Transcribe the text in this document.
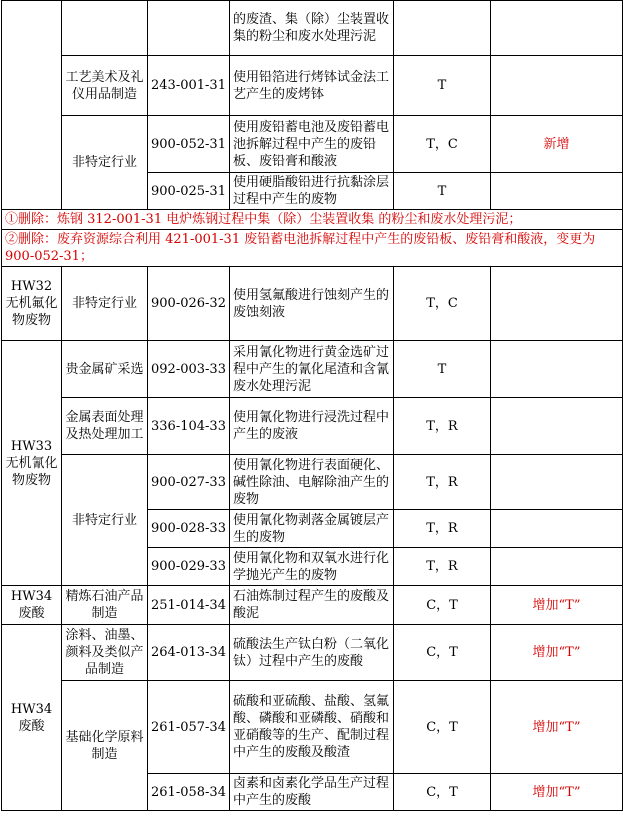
			的废渣、集（除）尘装置收集的粉尘和废水处理污泥		
	工艺美术及礼仪用品制造	243-001-31	使用铅箔进行烤钵试金法工艺产生的废烤钵	T	
	非特定行业	900-052-31	使用废铅蓄电池及废铅蓄电池拆解过程中产生的废铅板、废铅膏和酸液	T，C	新增
		900-025-31	使用硬脂酸铅进行抗黏涂层过程中产生的废物	T	
①删除：炼钢 312-001-31 电炉炼钢过程中集（除）尘装置收集 的粉尘和废水处理污泥；					
②删除：废弃资源综合利用 421-001-31 废铅蓄电池拆解过程中产生的废铅板、废铅膏和酸液，变更为 900-052-31；					
HW32无机氟化物废物	非特定行业	900-026-32	使用氢氟酸进行蚀刻产生的废蚀刻液	T，C	
HW33无机氰化物废物	贵金属矿采选	092-003-33	采用氰化物进行黄金选矿过程中产生的氰化尾渣和含氰废水处理污泥	T	
	金属表面处理及热处理加工	336-104-33	使用氰化物进行浸洗过程中产生的废液	T，R	
	非特定行业	900-027-33	使用氰化物进行表面硬化、碱性除油、电解除油产生的废物	T，R	
		900-028-33	使用氰化物剥落金属镀层产生的废物	T，R	
		900-029-33	使用氰化物和双氧水进行化学抛光产生的废物	T，R	
HW34废酸	精炼石油产品制造	251-014-34	石油炼制过程产生的废酸及酸泥	C，T	增加“T”
HW34废酸	涂料、油墨、颜料及类似产品制造	264-013-34	硫酸法生产钛白粉（二氧化钛）过程中产生的废酸	C，T	增加“T”
	基础化学原料制造	261-057-34	硫酸和亚硫酸、盐酸、氢氟酸、磷酸和亚磷酸、硝酸和亚硝酸等的生产、配制过程中产生的废酸及酸渣	C，T	增加“T”
		261-058-34	卤素和卤素化学品生产过程中产生的废酸	C，T	增加“T”
